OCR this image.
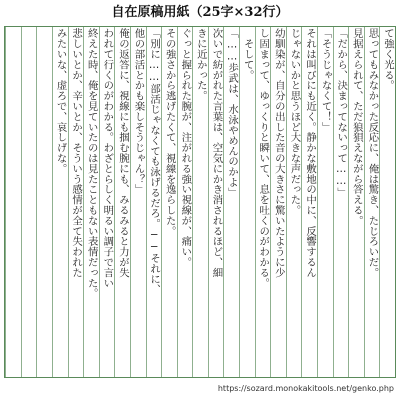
自在原稿用紙（25字×32行）
て強く光る。
思ってもみなかった反応に、俺は驚き、たじろいだ。
見据えられて、ただ狼狽えながら答える。
「だから、決まってないって……」
「そうじゃなくて！」
それは叫びにも近く。静かな敷地の中に、反響するん
じゃないかと思うほど大きな声だった。
幼馴染が、自分の出した音の大きさに驚いたように少
し固まって、ゆっくりと瞬いて、息を吐くのがわかる。
　そして。
「……歩武は、水泳やめんのかよ」
次いで紡がれた言葉は、空気にかき消されるほど、細
きに近かった。
ぐっと握られた腕が、注がれる強い視線が、痛い。
その強さから逃げたくて、視線を逸らした。
「別に……部活じゃなくても泳げるだろ。──それに、
他の部活とかも楽しそうじゃん？」
俺の返答に、視線にも掴む腕にも、みるみると力が失
われて行くのがわかる。わざとらしく明るい調子で言い
終えた時、俺を見ていたのは見たこともない表情だった。
悲しいとか、辛いとか、そういう感情が全て失われた
みたいな、虚ろで、哀しげな。
https://sozard.monokakitools.net/genko.php
